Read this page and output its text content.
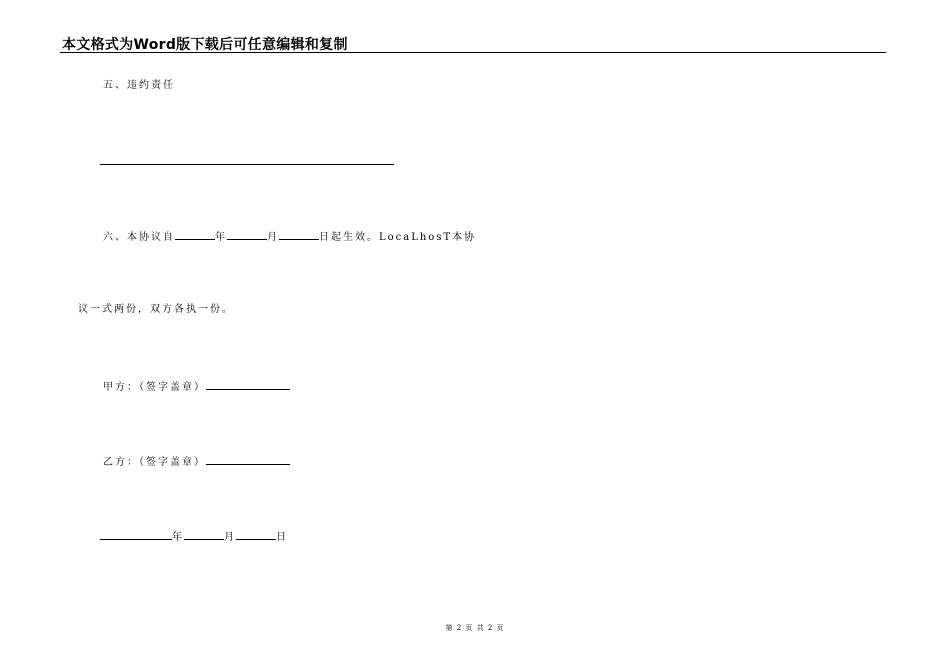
本文格式为Word版下载后可任意编辑和复制
五、违约责任
六、本协议自	年	月	日起生效。LocaLhosT本协
议一式两份，双方各执一份。
甲方：（签字盖章）
乙方：（签字盖章）
年	月	日
第 2 页 共 2 页
